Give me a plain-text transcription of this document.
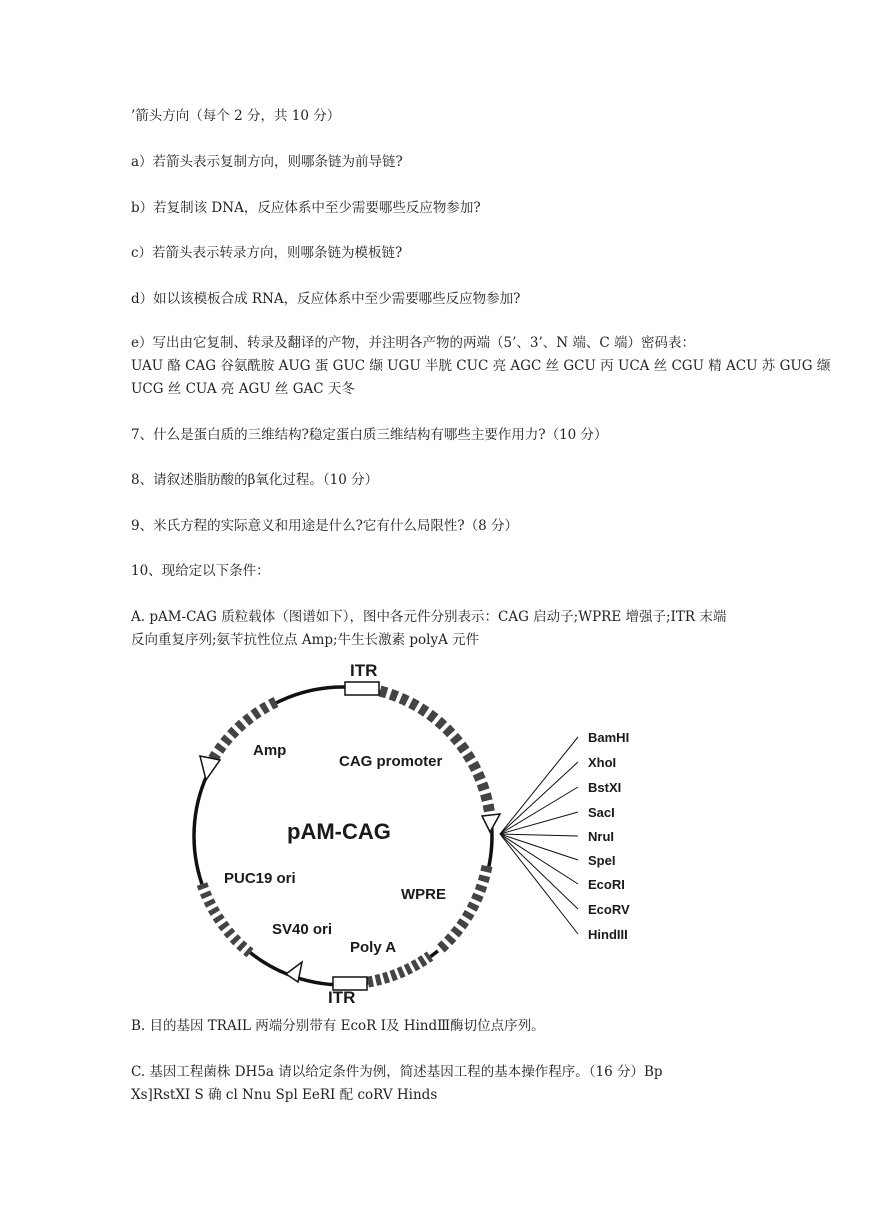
’箭头方向（每个 2 分，共 10 分）
a）若箭头表示复制方向，则哪条链为前导链?
b）若复制该 DNA，反应体系中至少需要哪些反应物参加?
c）若箭头表示转录方向，则哪条链为模板链?
d）如以该模板合成 RNA，反应体系中至少需要哪些反应物参加?
e）写出由它复制、转录及翻译的产物，并注明各产物的两端（5’、3’、N 端、C 端）密码表：
UAU 酪 CAG 谷氨酰胺 AUG 蛋 GUC 缬 UGU 半胱 CUC 亮 AGC 丝 GCU 丙 UCA 丝 CGU 精 ACU 苏 GUG 缬
UCG 丝 CUA 亮 AGU 丝 GAC 天冬
7、什么是蛋白质的三维结构?稳定蛋白质三维结构有哪些主要作用力?（10 分）
8、请叙述脂肪酸的β氧化过程。（10 分）
9、米氏方程的实际意义和用途是什么?它有什么局限性?（8 分）
10、现给定以下条件：
A. pAM-CAG 质粒载体（图谱如下），图中各元件分别表示：CAG 启动子;WPRE 增强子;ITR 末端
反向重复序列;氨苄抗性位点 Amp;牛生长激素 polyA 元件
ITR
ITR
Amp
CAG promoter
pAM-CAG
PUC19 ori
WPRE
SV40 ori
Poly A
BamHI
XhoI
BstXI
SacI
NruI
SpeI
EcoRI
EcoRV
HindIII
B. 目的基因 TRAIL 两端分别带有 EcoR Ⅰ及 HindⅢ酶切位点序列。
C. 基因工程菌株 DH5a 请以给定条件为例，简述基因工程的基本操作程序。（16 分）Bp
Xs]RstXI S 确 cl Nnu Spl EeRI 配 coRV Hinds
